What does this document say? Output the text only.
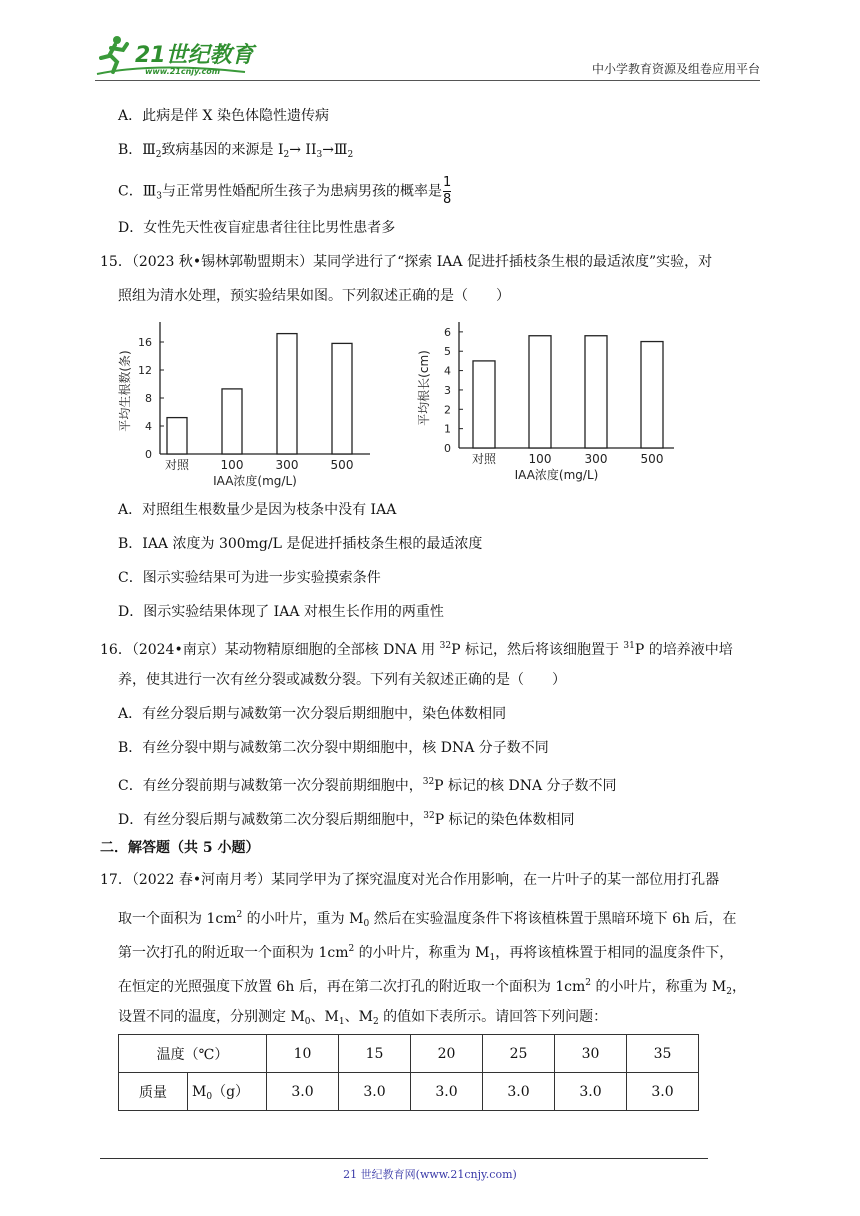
21世纪教育
www.21cnjy.com	中小学教育资源及组卷应用平台
A．此病是伴 X 染色体隐性遗传病
B．$Ⅲ_2$致病基因的来源是 $I_2\to$ $II_3\to Ⅲ_2$
C．$Ⅲ_3$与正常男性婚配所生孩子为患病男孩的概率是 $\frac{1}{8}$
D．女性先天性夜盲症患者往往比男性患者多
15．（2023 秋•锡林郭勒盟期末）某同学进行了“探索 IAA 促进扦插枝条生根的最适浓度”实验，对
照组为清水处理，预实验结果如图。下列叙述正确的是（　　）
0
4
8
12
16
对照	100	300	500
IAA浓度(mg/L)
平均生根数(条)
0
1
2
3
4
5
6
对照	100	300	500
IAA浓度(mg/L)
平均根长(cm)
A．对照组生根数量少是因为枝条中没有 IAA
B．IAA 浓度为 300mg/L 是促进扦插枝条生根的最适浓度
C．图示实验结果可为进一步实验摸索条件
D．图示实验结果体现了 IAA 对根生长作用的两重性
16．（2024•南京）某动物精原细胞的全部核 DNA 用 $^{32}$P 标记，然后将该细胞置于 $^{31}$P 的培养液中培
养，使其进行一次有丝分裂或减数分裂。下列有关叙述正确的是（　　）
A．有丝分裂后期与减数第一次分裂后期细胞中，染色体数相同
B．有丝分裂中期与减数第二次分裂中期细胞中，核 DNA 分子数不同
C．有丝分裂前期与减数第一次分裂前期细胞中，$^{32}$P 标记的核 DNA 分子数不同
D．有丝分裂后期与减数第二次分裂后期细胞中，$^{32}$P 标记的染色体数相同
二．解答题（共 5 小题）
17．（2022 春•河南月考）某同学甲为了探究温度对光合作用影响，在一片叶子的某一部位用打孔器
取一个面积为 $1cm^2$ 的小叶片，重为 $M_0$ 然后在实验温度条件下将该植株置于黑暗环境下 6h 后，在
第一次打孔的附近取一个面积为 $1cm^2$ 的小叶片，称重为 $M_1$，再将该植株置于相同的温度条件下，
在恒定的光照强度下放置 6h 后，再在第二次打孔的附近取一个面积为 $1cm^2$ 的小叶片，称重为 $M_2$，
设置不同的温度，分别测定 $M_0$、$M_1$、$M_2$ 的值如下表所示。请回答下列问题：
温度（℃）		10	15	20	25	30	35
质量	$M_0(g)$	3.0	3.0	3.0	3.0	3.0	3.0
21 世纪教育网(www.21cnjy.com)
